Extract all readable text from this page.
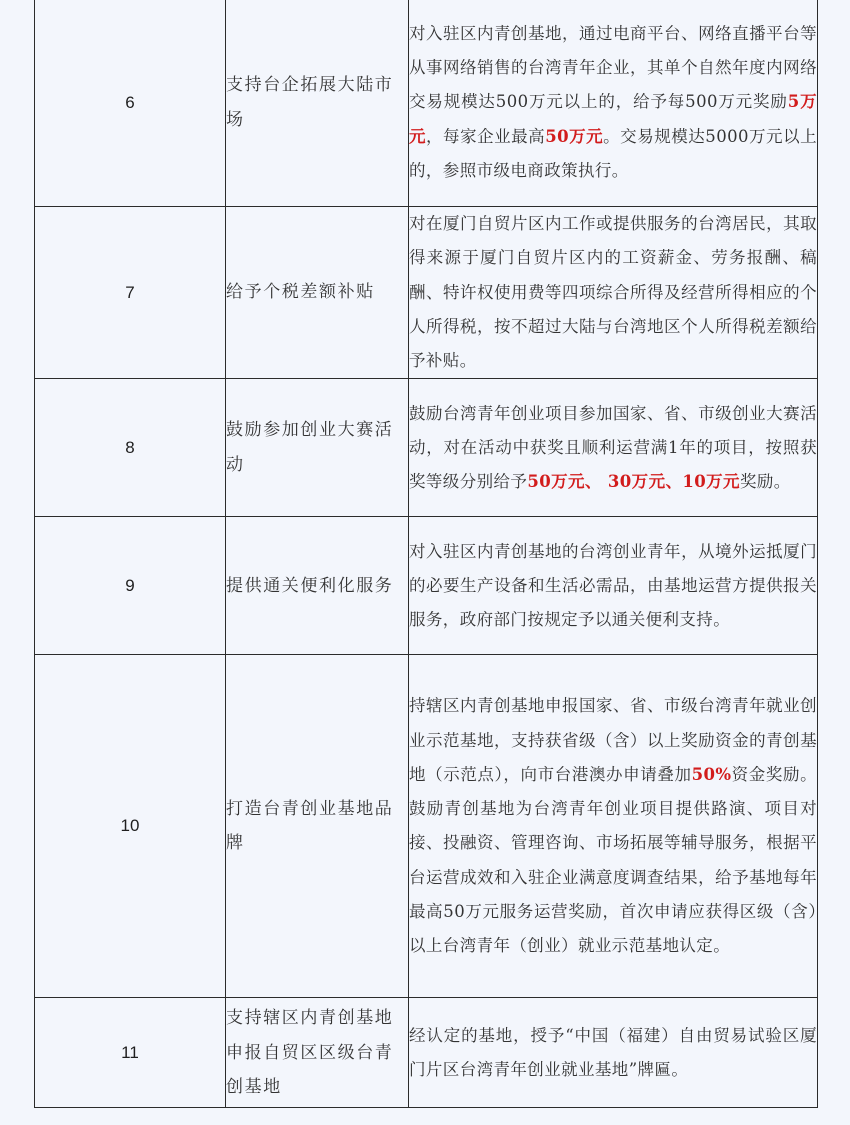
6	支持台企拓展大陆市场	对入驻区内青创基地，通过电商平台、网络直播平台等从事网络销售的台湾青年企业，其单个自然年度内网络交易规模达500万元以上的，给予每500万元奖励5万元，每家企业最高50万元。交易规模达5000万元以上的，参照市级电商政策执行。
7	给予个税差额补贴	对在厦门自贸片区内工作或提供服务的台湾居民，其取得来源于厦门自贸片区内的工资薪金、劳务报酬、稿酬、特许权使用费等四项综合所得及经营所得相应的个人所得税，按不超过大陆与台湾地区个人所得税差额给予补贴。
8	鼓励参加创业大赛活动	鼓励台湾青年创业项目参加国家、省、市级创业大赛活动，对在活动中获奖且顺利运营满1年的项目，按照获奖等级分别给予50万元、 30万元、10万元奖励。
9	提供通关便利化服务	对入驻区内青创基地的台湾创业青年，从境外运抵厦门的必要生产设备和生活必需品，由基地运营方提供报关服务，政府部门按规定予以通关便利支持。
10	打造台青创业基地品牌	持辖区内青创基地申报国家、省、市级台湾青年就业创业示范基地，支持获省级（含）以上奖励资金的青创基地（示范点），向市台港澳办申请叠加50%资金奖励。鼓励青创基地为台湾青年创业项目提供路演、项目对接、投融资、管理咨询、市场拓展等辅导服务，根据平台运营成效和入驻企业满意度调查结果，给予基地每年最高50万元服务运营奖励，首次申请应获得区级（含）以上台湾青年（创业）就业示范基地认定。
11	支持辖区内青创基地申报自贸区区级台青创基地	经认定的基地，授予“中国（福建）自由贸易试验区厦门片区台湾青年创业就业基地”牌匾。
